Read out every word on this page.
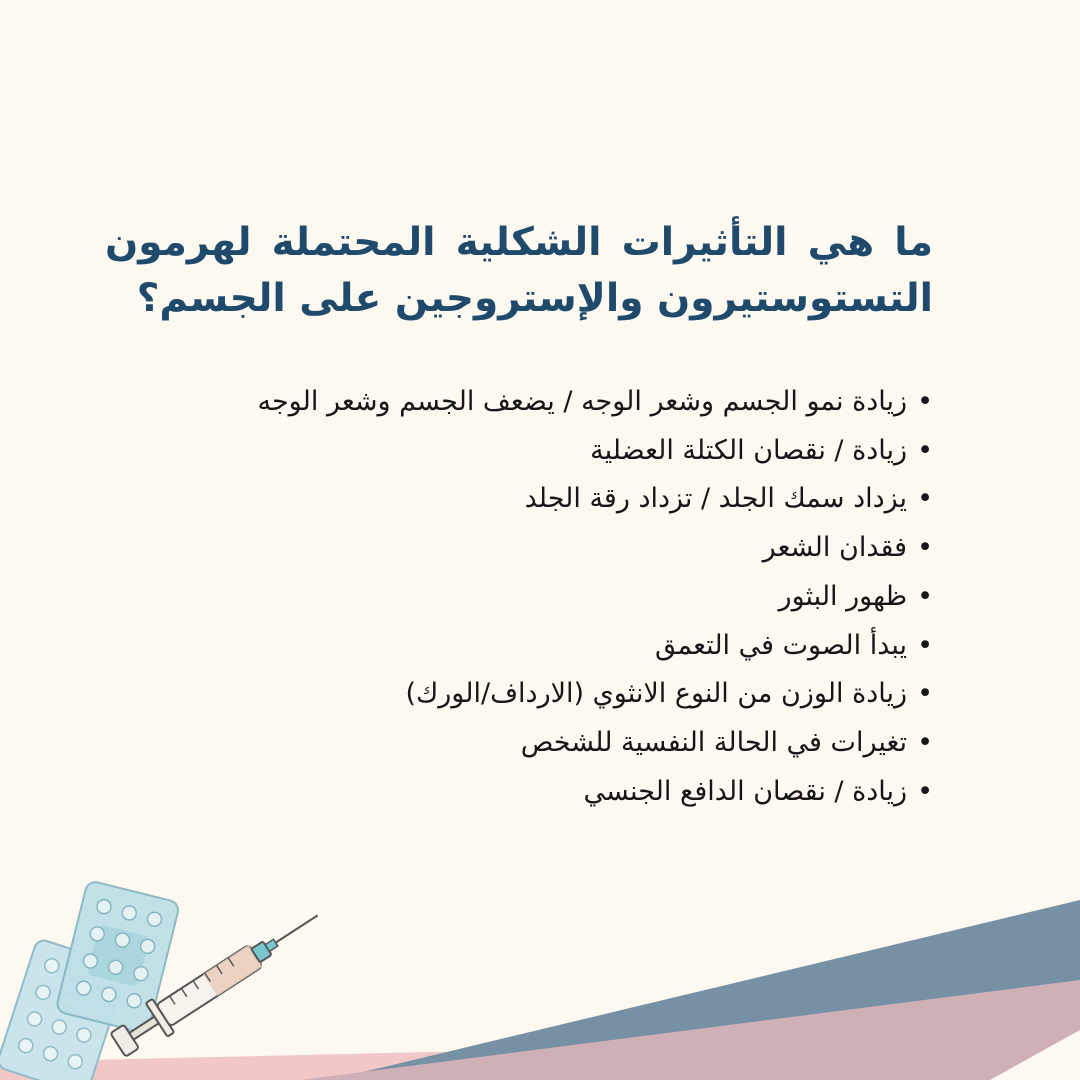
ما هي التأثيرات الشكلية المحتملة لهرمون التستوستيرون والإستروجين على الجسم؟
•زيادة نمو الجسم وشعر الوجه / يضعف الجسم وشعر الوجه
•زيادة / نقصان الكتلة العضلية
•يزداد سمك الجلد / تزداد رقة الجلد
•فقدان الشعر
•ظهور البثور
•يبدأ الصوت في التعمق
•زيادة الوزن من النوع الانثوي (الارداف/الورك)
•تغيرات في الحالة النفسية للشخص
•زيادة / نقصان الدافع الجنسي
